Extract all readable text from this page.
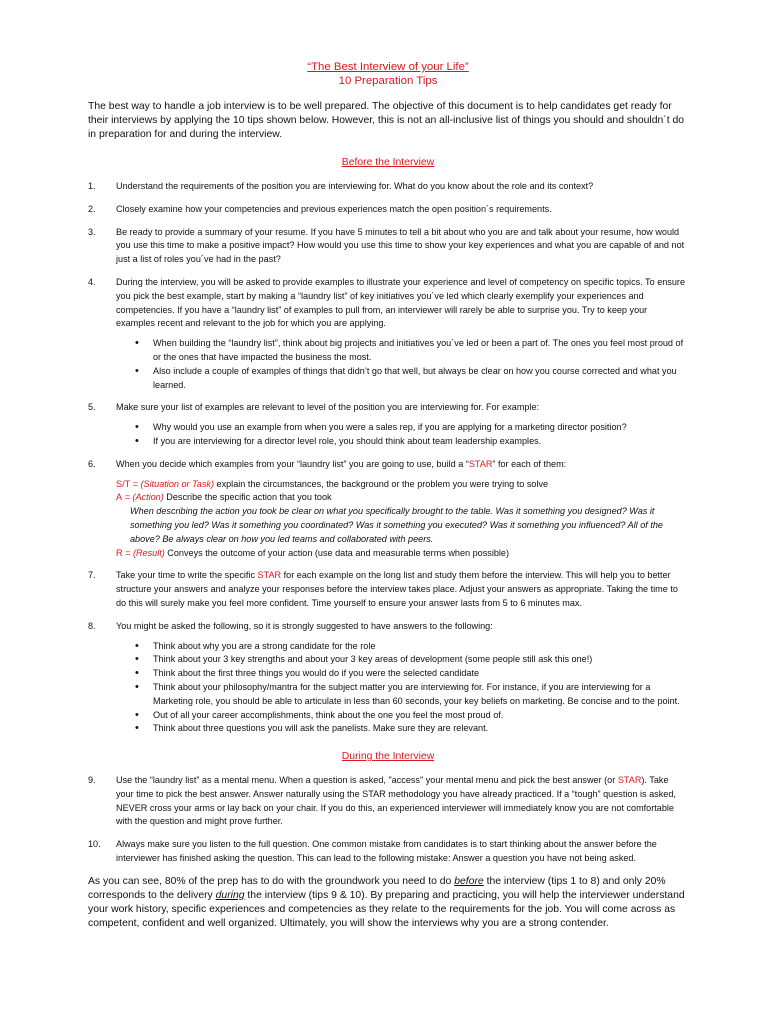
“The Best Interview of your Life”
10 Preparation Tips

The best way to handle a job interview is to be well prepared. The objective of this document is to help candidates get ready for their interviews by applying the 10 tips shown below. However, this is not an all-inclusive list of things you should and shouldn´t do in preparation for and during the interview.

Before the Interview
1. Understand the requirements of the position you are interviewing for. What do you know about the role and its context?
2. Closely examine how your competencies and previous experiences match the open position´s requirements.
3. Be ready to provide a summary of your resume. If you have 5 minutes to tell a bit about who you are and talk about your resume, how would you use this time to make a positive impact? How would you use this time to show your key experiences and what you are capable of and not just a list of roles you´ve had in the past?
4. During the interview, you will be asked to provide examples to illustrate your experience and level of competency on specific topics. To ensure you pick the best example, start by making a “laundry list” of key initiatives you´ve led which clearly exemplify your experiences and competencies. If you have a “laundry list” of examples to pull from, an interviewer will rarely be able to surprise you. Try to keep your examples recent and relevant to the job for which you are applying.
• When building the “laundry list”, think about big projects and initiatives you´ve led or been a part of. The ones you feel most proud of or the ones that have impacted the business the most.
• Also include a couple of examples of things that didn’t go that well, but always be clear on how you course corrected and what you learned.
5. Make sure your list of examples are relevant to level of the position you are interviewing for. For example:
• Why would you use an example from when you were a sales rep, if you are applying for a marketing director position?
• If you are interviewing for a director level role, you should think about team leadership examples.
6. When you decide which examples from your “laundry list” you are going to use, build a “STAR” for each of them:

S/T = (Situation or Task) explain the circumstances, the background or the problem you were trying to solve

A = (Action) Describe the specific action that you took

When describing the action you took be clear on what you specifically brought to the table. Was it something you designed? Was it something you led? Was it something you coordinated? Was it something you executed? Was it something you influenced? All of the above? Be always clear on how you led teams and collaborated with peers.

R = (Result) Conveys the outcome of your action (use data and measurable terms when possible)

7. Take your time to write the specific STAR for each example on the long list and study them before the interview. This will help you to better structure your answers and analyze your responses before the interview takes place. Adjust your answers as appropriate. Taking the time to do this will surely make you feel more confident. Time yourself to ensure your answer lasts from 5 to 6 minutes max.
8. You might be asked the following, so it is strongly suggested to have answers to the following:
• Think about why you are a strong candidate for the role
• Think about your 3 key strengths and about your 3 key areas of development (some people still ask this one!)
• Think about the first three things you would do if you were the selected candidate
• Think about your philosophy/mantra for the subject matter you are interviewing for. For instance, if you are interviewing for a Marketing role, you should be able to articulate in less than 60 seconds, your key beliefs on marketing. Be concise and to the point.
• Out of all your career accomplishments, think about the one you feel the most proud of.
• Think about three questions you will ask the panelists. Make sure they are relevant.
During the Interview
9. Use the “laundry list” as a mental menu. When a question is asked, "access" your mental menu and pick the best answer (or STAR). Take your time to pick the best answer. Answer naturally using the STAR methodology you have already practiced. If a “tough” question is asked, NEVER cross your arms or lay back on your chair. If you do this, an experienced interviewer will immediately know you are not comfortable with the question and might prove further.
10. Always make sure you listen to the full question. One common mistake from candidates is to start thinking about the answer before the interviewer has finished asking the question. This can lead to the following mistake: Answer a question you have not being asked.

As you can see, 80% of the prep has to do with the groundwork you need to do before the interview (tips 1 to 8) and only 20% corresponds to the delivery during the interview (tips 9 & 10). By preparing and practicing, you will help the interviewer understand your work history, specific experiences and competencies as they relate to the requirements for the job. You will come across as competent, confident and well organized. Ultimately, you will show the interviews why you are a strong contender.
